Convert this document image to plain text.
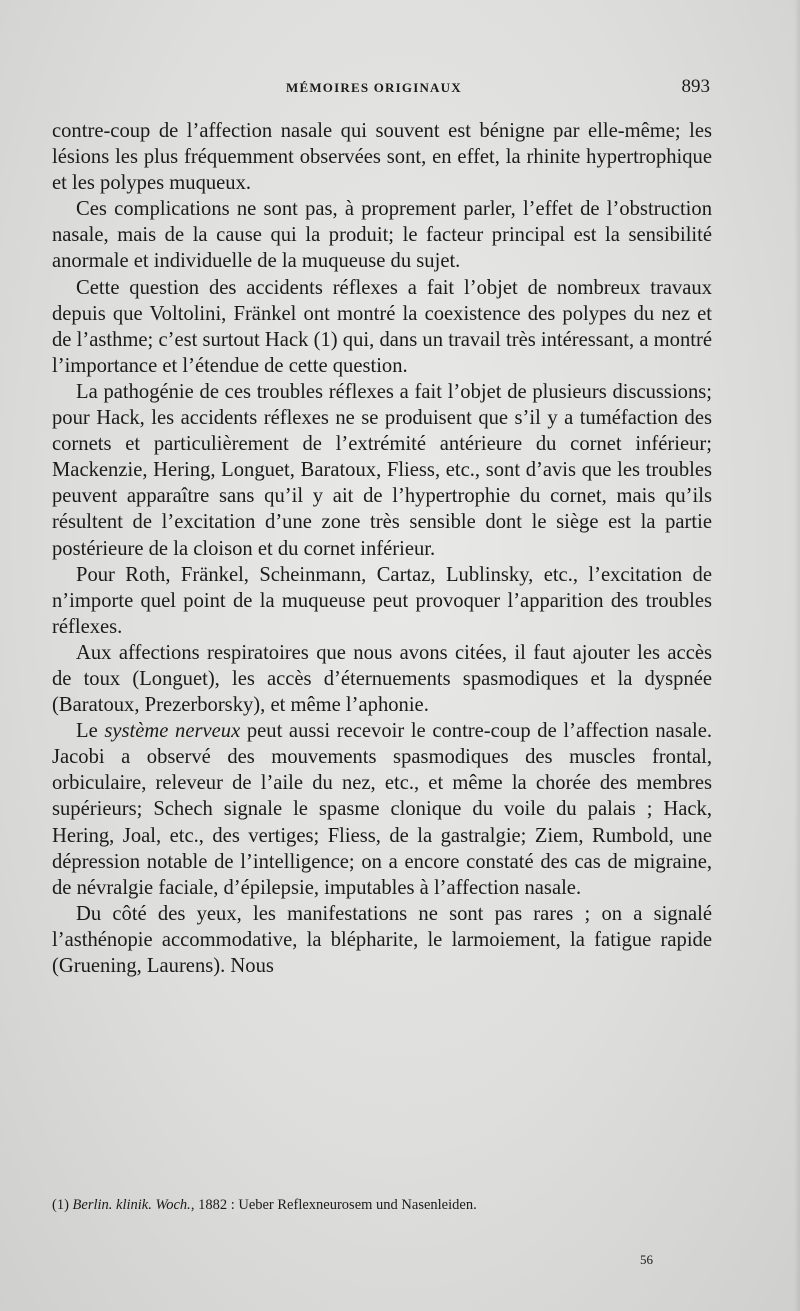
MÉMOIRES ORIGINAUX	893

contre-coup de l’affection nasale qui souvent est bénigne par elle-même; les lésions les plus fréquemment observées sont, en effet, la rhinite hypertrophique et les polypes muqueux.

Ces complications ne sont pas, à proprement parler, l’effet de l’obstruction nasale, mais de la cause qui la produit; le facteur principal est la sensibilité anormale et individuelle de la muqueuse du sujet.

Cette question des accidents réflexes a fait l’objet de nombreux travaux depuis que Voltolini, Fränkel ont montré la coexistence des polypes du nez et de l’asthme; c’est surtout Hack (1) qui, dans un travail très intéressant, a montré l’importance et l’étendue de cette question.

La pathogénie de ces troubles réflexes a fait l’objet de plusieurs discussions; pour Hack, les accidents réflexes ne se produisent que s’il y a tuméfaction des cornets et particulièrement de l’extrémité antérieure du cornet inférieur; Mackenzie, Hering, Longuet, Baratoux, Fliess, etc., sont d’avis que les troubles peuvent apparaître sans qu’il y ait de l’hypertrophie du cornet, mais qu’ils résultent de l’excitation d’une zone très sensible dont le siège est la partie postérieure de la cloison et du cornet inférieur.

Pour Roth, Fränkel, Scheinmann, Cartaz, Lublinsky, etc., l’excitation de n’importe quel point de la muqueuse peut provoquer l’apparition des troubles réflexes.

Aux affections respiratoires que nous avons citées, il faut ajouter les accès de toux (Longuet), les accès d’éternuements spasmodiques et la dyspnée (Baratoux, Prezerborsky), et même l’aphonie.

Le système nerveux peut aussi recevoir le contre-coup de l’affection nasale. Jacobi a observé des mouvements spasmodiques des muscles frontal, orbiculaire, releveur de l’aile du nez, etc., et même la chorée des membres supérieurs; Schech signale le spasme clonique du voile du palais ; Hack, Hering, Joal, etc., des vertiges; Fliess, de la gastralgie; Ziem, Rumbold, une dépression notable de l’intelligence; on a encore constaté des cas de migraine, de névralgie faciale, d’épilepsie, imputables à l’affection nasale.

Du côté des yeux, les manifestations ne sont pas rares ; on a signalé l’asthénopie accommodative, la blépharite, le larmoiement, la fatigue rapide (Gruening, Laurens). Nous

(1) Berlin. klinik. Woch., 1882 : Ueber Reflexneurosem und Nasenleiden.
56
